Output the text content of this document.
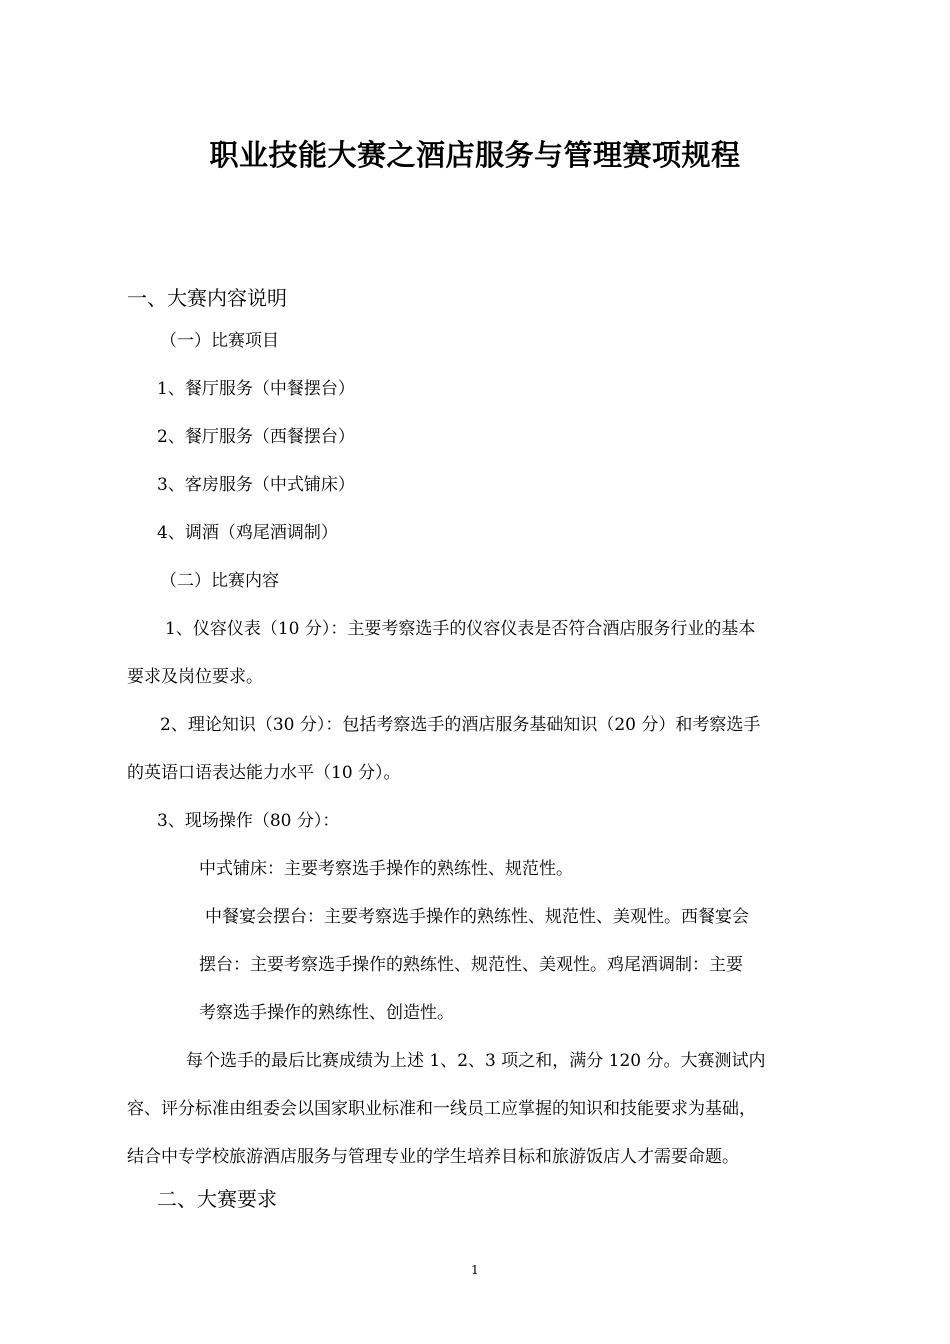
职业技能大赛之酒店服务与管理赛项规程
一、大赛内容说明
（一）比赛项目
1、餐厅服务（中餐摆台）
2、餐厅服务（西餐摆台）
3、客房服务（中式铺床）
4、调酒（鸡尾酒调制）
（二）比赛内容
1、仪容仪表（10 分）：主要考察选手的仪容仪表是否符合酒店服务行业的基本
要求及岗位要求。
2、理论知识（30 分）：包括考察选手的酒店服务基础知识（20 分）和考察选手
的英语口语表达能力水平（10 分）。
3、现场操作（80 分）：
中式铺床：主要考察选手操作的熟练性、规范性。
中餐宴会摆台：主要考察选手操作的熟练性、规范性、美观性。西餐宴会
摆台：主要考察选手操作的熟练性、规范性、美观性。鸡尾酒调制：主要
考察选手操作的熟练性、创造性。
每个选手的最后比赛成绩为上述 1、2、3 项之和，满分 120 分。大赛测试内
容、评分标准由组委会以国家职业标准和一线员工应掌握的知识和技能要求为基础，
结合中专学校旅游酒店服务与管理专业的学生培养目标和旅游饭店人才需要命题。
二、大赛要求
1
